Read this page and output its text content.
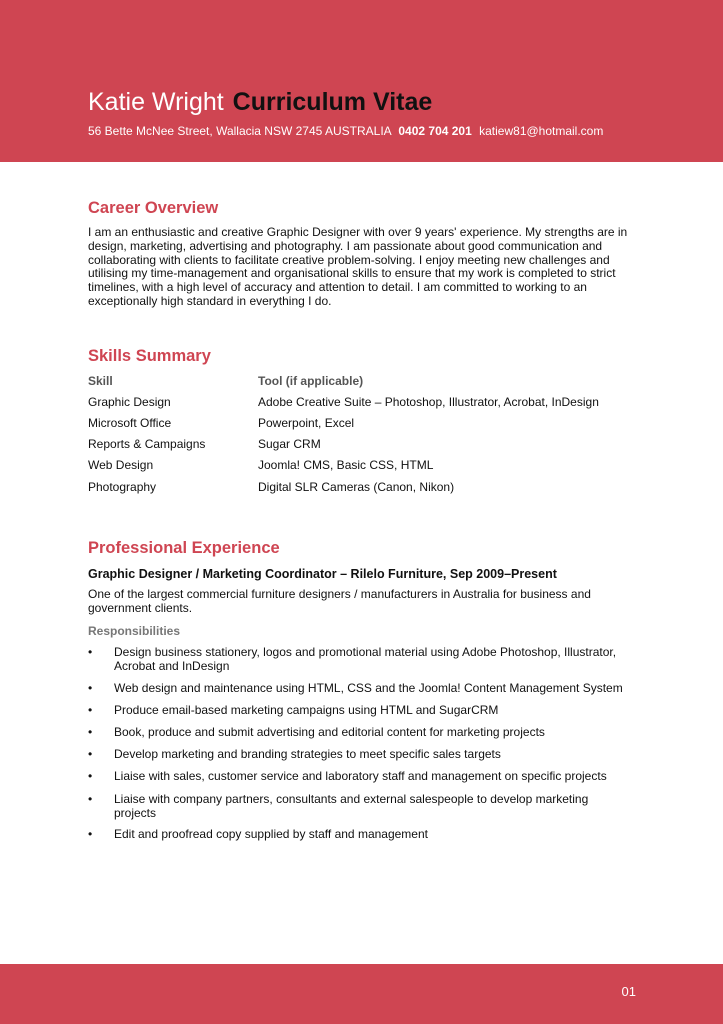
Katie Wright Curriculum Vitae
56 Bette McNee Street, Wallacia NSW 2745 AUSTRALIA 0402 704 201 katiew81@hotmail.com
Career Overview
I am an enthusiastic and creative Graphic Designer with over 9 years' experience. My strengths are in design, marketing, advertising and photography. I am passionate about good communication and collaborating with clients to facilitate creative problem-solving. I enjoy meeting new challenges and utilising my time-management and organisational skills to ensure that my work is completed to strict timelines, with a high level of accuracy and attention to detail. I am committed to working to an exceptionally high standard in everything I do.
Skills Summary
Skill	Tool (if applicable)
Graphic Design	Adobe Creative Suite – Photoshop, Illustrator, Acrobat, InDesign
Microsoft Office	Powerpoint, Excel
Reports & Campaigns	Sugar CRM
Web Design	Joomla! CMS, Basic CSS, HTML
Photography	Digital SLR Cameras (Canon, Nikon)
Professional Experience
Graphic Designer / Marketing Coordinator – Rilelo Furniture, Sep 2009–Present
One of the largest commercial furniture designers / manufacturers in Australia for business and government clients.
Responsibilities
• Design business stationery, logos and promotional material using Adobe Photoshop, Illustrator, Acrobat and InDesign
• Web design and maintenance using HTML, CSS and the Joomla! Content Management System
• Produce email-based marketing campaigns using HTML and SugarCRM
• Book, produce and submit advertising and editorial content for marketing projects
• Develop marketing and branding strategies to meet specific sales targets
• Liaise with sales, customer service and laboratory staff and management on specific projects
• Liaise with company partners, consultants and external salespeople to develop marketing projects
• Edit and proofread copy supplied by staff and management
01
